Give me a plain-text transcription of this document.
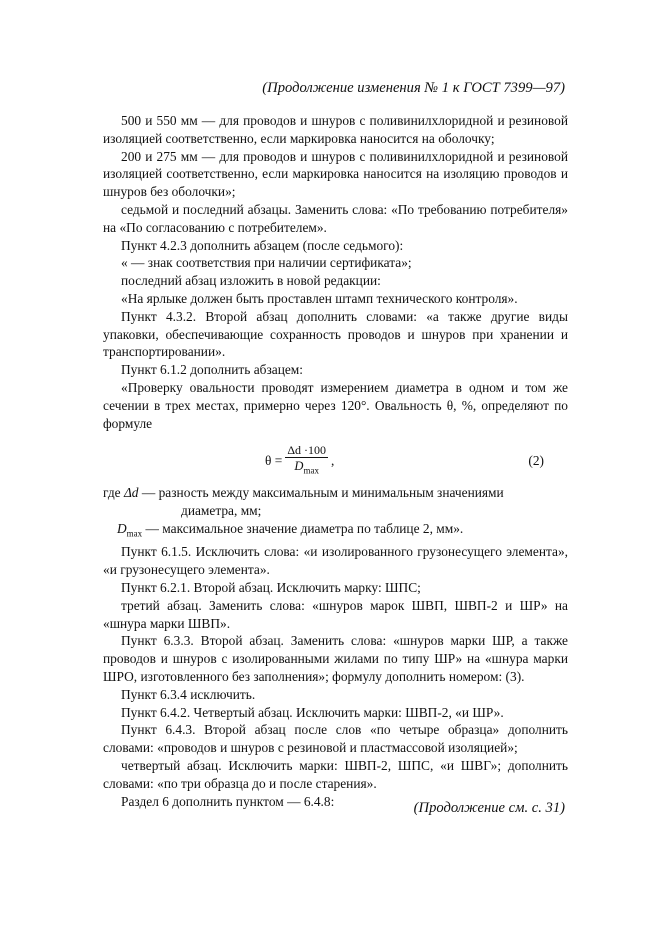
(Продолжение изменения № 1 к ГОСТ 7399—97)

500 и 550 мм — для проводов и шнуров с поливинилхлоридной и резиновой изоляцией соответственно, если маркировка наносится на оболочку;

200 и 275 мм — для проводов и шнуров с поливинилхлоридной и резиновой изоляцией соответственно, если маркировка наносится на изоляцию проводов и шнуров без оболочки»;

седьмой и последний абзацы. Заменить слова: «По требованию потребителя» на «По согласованию с потребителем».

Пункт 4.2.3 дополнить абзацем (после седьмого):

« — знак соответствия при наличии сертификата»;

последний абзац изложить в новой редакции:

«На ярлыке должен быть проставлен штамп технического контроля».

Пункт 4.3.2. Второй абзац дополнить словами: «а также другие виды упаковки, обеспечивающие сохранность проводов и шнуров при хранении и транспортировании».

Пункт 6.1.2 дополнить абзацем:

«Проверку овальности проводят измерением диаметра в одном и том же сечении в трех местах, примерно через 120°. Овальность θ, %, определяют по формуле

$\theta = \frac{\Delta d \cdot 100}{D_{max}}$ ,	(2)

где Δd — разность между максимальным и минимальным значениями
диаметра, мм;

$D_{max}$ — максимальное значение диаметра по таблице 2, мм».

Пункт 6.1.5. Исключить слова: «и изолированного грузонесущего элемента», «и грузонесущего элемента».

Пункт 6.2.1. Второй абзац. Исключить марку: ШПС;

третий абзац. Заменить слова: «шнуров марок ШВП, ШВП-2 и ШР» на «шнура марки ШВП».

Пункт 6.3.3. Второй абзац. Заменить слова: «шнуров марки ШР, а также проводов и шнуров с изолированными жилами по типу ШР» на «шнура марки ШРО, изготовленного без заполнения»; формулу дополнить номером: (3).

Пункт 6.3.4 исключить.

Пункт 6.4.2. Четвертый абзац. Исключить марки: ШВП-2, «и ШР».

Пункт 6.4.3. Второй абзац после слов «по четыре образца» дополнить словами: «проводов и шнуров с резиновой и пластмассовой изоляцией»;

четвертый абзац. Исключить марки: ШВП-2, ШПС, «и ШВГ»; дополнить словами: «по три образца до и после старения».

Раздел 6 дополнить пунктом — 6.4.8:	(Продолжение см. с. 31)
